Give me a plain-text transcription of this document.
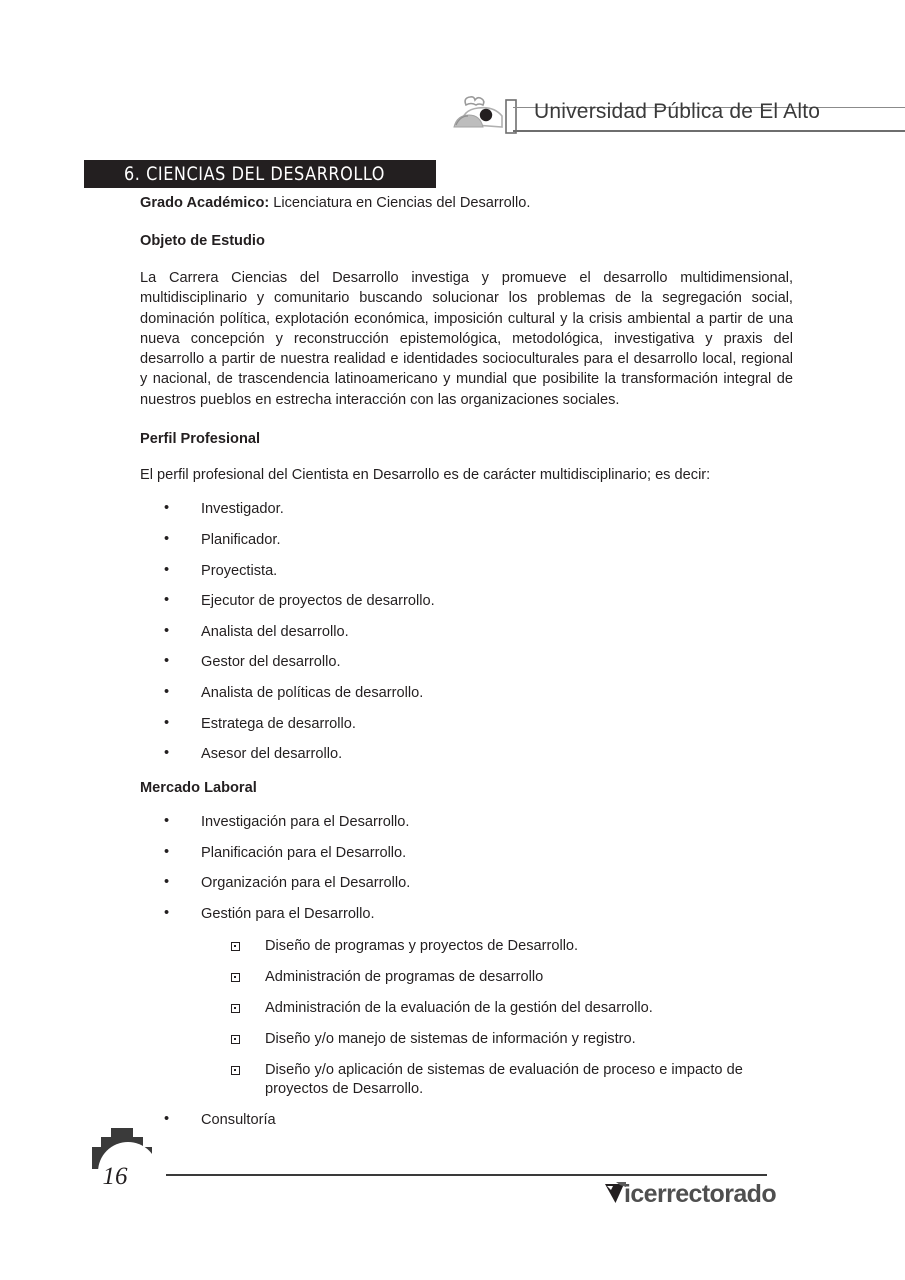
Universidad Pública de El Alto
6. CIENCIAS DEL DESARROLLO

Grado Académico: Licenciatura en Ciencias del Desarrollo.

Objeto de Estudio

La Carrera Ciencias del Desarrollo investiga y promueve el desarrollo multidimensional, multidisciplinario y comunitario buscando solucionar los problemas de la segregación social, dominación política, explotación económica, imposición cultural y la crisis ambiental a partir de una nueva concepción y reconstrucción epistemológica, metodológica, investigativa y praxis del desarrollo a partir de nuestra realidad e identidades socioculturales para el desarrollo local, regional y nacional, de trascendencia latinoamericano y mundial que posibilite la transformación integral de nuestros pueblos en estrecha interacción con las organizaciones sociales.

Perfil Profesional

El perfil profesional del Cientista en Desarrollo es de carácter multidisciplinario; es decir:

• Investigador.
• Planificador.
• Proyectista.
• Ejecutor de proyectos de desarrollo.
• Analista del desarrollo.
• Gestor del desarrollo.
• Analista de políticas de desarrollo.
• Estratega de desarrollo.
• Asesor del desarrollo.
Mercado Laboral
• Investigación para el Desarrollo.
• Planificación para el Desarrollo.
• Organización para el Desarrollo.
• Gestión para el Desarrollo.
Diseño de programas y proyectos de Desarrollo.
Administración de programas de desarrollo
Administración de la evaluación de la gestión del desarrollo.
Diseño y/o manejo de sistemas de información y registro.
Diseño y/o aplicación de sistemas de evaluación de proceso e impacto de proyectos de Desarrollo.
• Consultoría
16
icerrectorado
